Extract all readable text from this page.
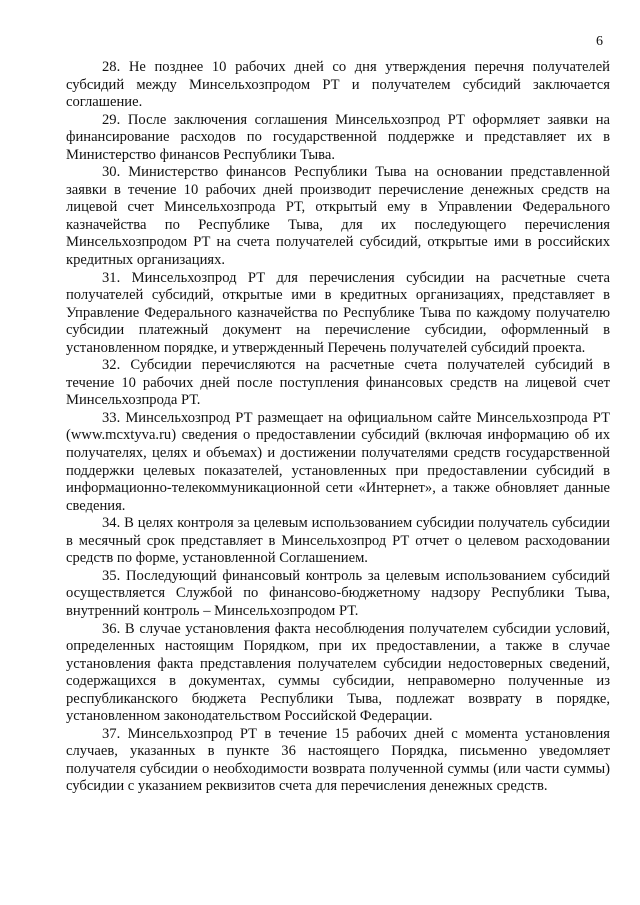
6

28. Не позднее 10 рабочих дней со дня утверждения перечня получателей субсидий между Минсельхозпродом РТ и получателем субсидий заключается соглашение.

29. После заключения соглашения Минсельхозпрод РТ оформляет заявки на финансирование расходов по государственной поддержке и представляет их в Министерство финансов Республики Тыва.

30. Министерство финансов Республики Тыва на основании представленной заявки в течение 10 рабочих дней производит перечисление денежных средств на лицевой счет Минсельхозпрода РТ, открытый ему в Управлении Федерального казначейства по Республике Тыва, для их последующего перечисления Минсельхозпродом РТ на счета получателей субсидий, открытые ими в российских кредитных организациях.

31. Минсельхозпрод РТ для перечисления субсидии на расчетные счета получателей субсидий, открытые ими в кредитных организациях, представляет в Управление Федерального казначейства по Республике Тыва по каждому получателю субсидии платежный документ на перечисление субсидии, оформленный в установленном порядке, и утвержденный Перечень получателей субсидий проекта.

32. Субсидии перечисляются на расчетные счета получателей субсидий в течение 10 рабочих дней после поступления финансовых средств на лицевой счет Минсельхозпрода РТ.

33. Минсельхозпрод РТ размещает на официальном сайте Минсельхозпрода РТ (www.mcxtyva.ru) сведения о предоставлении субсидий (включая информацию об их получателях, целях и объемах) и достижении получателями средств государственной поддержки целевых показателей, установленных при предоставлении субсидий в информационно-телекоммуникационной сети «Интернет», а также обновляет данные сведения.

34. В целях контроля за целевым использованием субсидии получатель субсидии в месячный срок представляет в Минсельхозпрод РТ отчет о целевом расходовании средств по форме, установленной Соглашением.

35. Последующий финансовый контроль за целевым использованием субсидий осуществляется Службой по финансово-бюджетному надзору Республики Тыва, внутренний контроль – Минсельхозпродом РТ.

36. В случае установления факта несоблюдения получателем субсидии условий, определенных настоящим Порядком, при их предоставлении, а также в случае установления факта представления получателем субсидии недостоверных сведений, содержащихся в документах, суммы субсидии, неправомерно полученные из республиканского бюджета Республики Тыва, подлежат возврату в порядке, установленном законодательством Российской Федерации.

37. Минсельхозпрод РТ в течение 15 рабочих дней с момента установления случаев, указанных в пункте 36 настоящего Порядка, письменно уведомляет получателя субсидии о необходимости возврата полученной суммы (или части суммы) субсидии с указанием реквизитов счета для перечисления денежных средств.
